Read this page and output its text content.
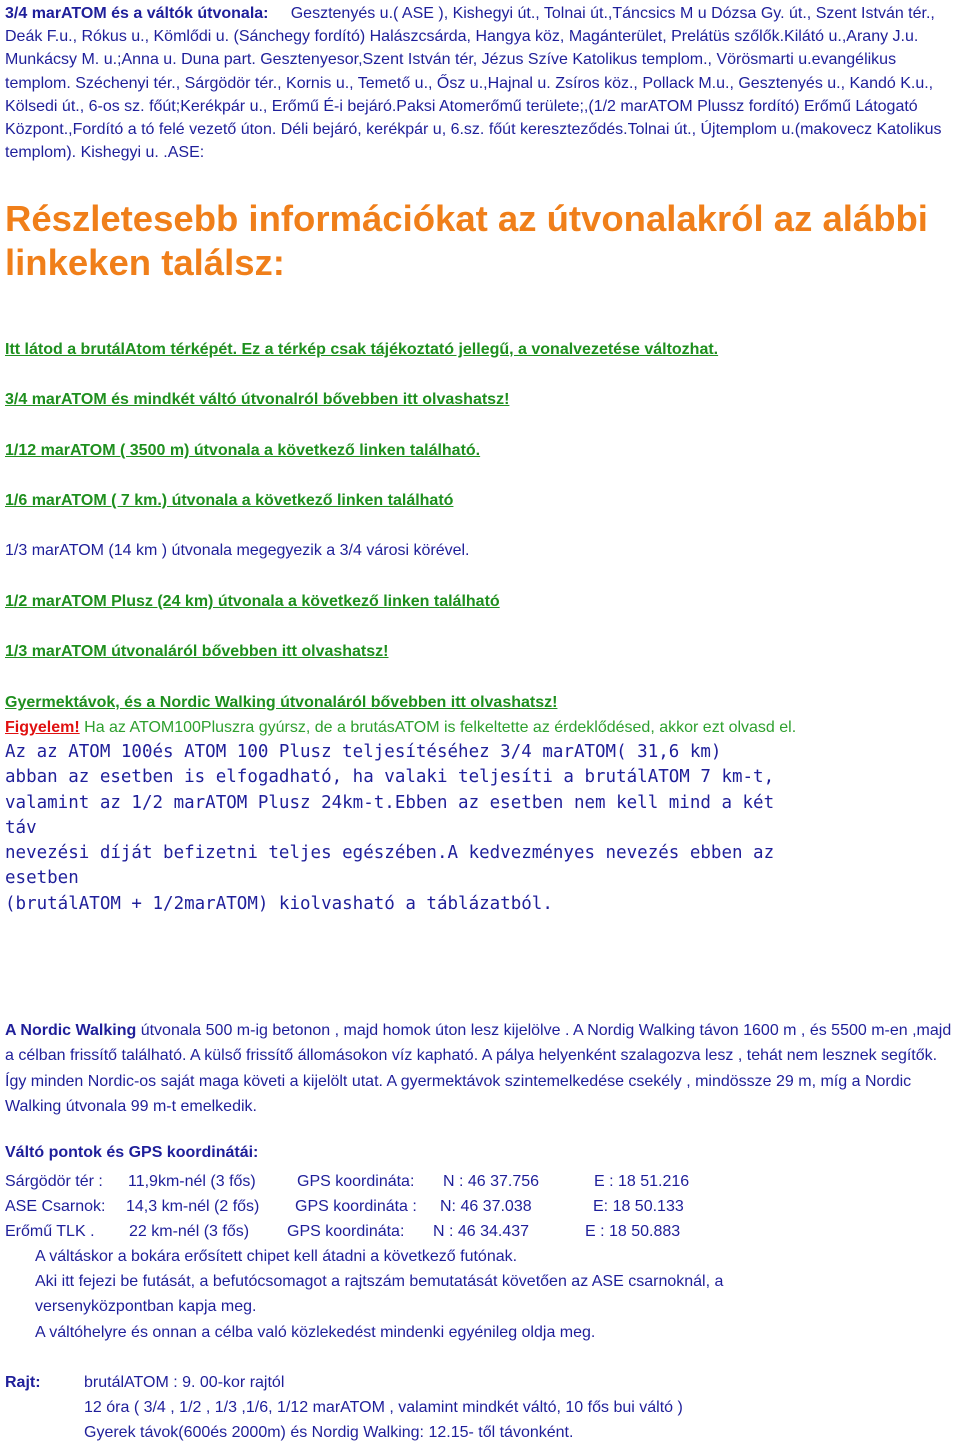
3/4 marATOM és a váltók útvonala: Gesztenyés u.( ASE ), Kishegyi út., Tolnai út.,Táncsics M u Dózsa Gy. út., Szent István tér., Deák F.u., Rókus u., Kömlődi u. (Sánchegy fordító) Halászcsárda, Hangya köz, Magánterület, Prelátüs szőlők.Kilátó u.,Arany J.u. Munkácsy M. u.;Anna u. Duna part. Gesztenyesor,Szent István tér, Jézus Szíve Katolikus templom., Vörösmarti u.evangélikus templom. Széchenyi tér., Sárgödör tér., Kornis u., Temető u., Ősz u.,Hajnal u. Zsíros köz., Pollack M.u., Gesztenyés u., Kandó K.u., Kölsedi út., 6-os sz. főút;Kerékpár u., Erőmű É-i bejáró.Paksi Atomerőmű területe;,(1/2 marATOM Plussz fordító) Erőmű Látogató Központ.,Fordító a tó felé vezető úton. Déli bejáró, kerékpár u, 6.sz. főút kereszteződés.Tolnai út., Újtemplom u.(makovecz Katolikus templom). Kishegyi u. .ASE:
Részletesebb információkat az útvonalakról az alábbi linkeken találsz:
Itt látod a brutálAtom térképét. Ez a térkép csak tájékoztató jellegű, a vonalvezetése változhat.
3/4 marATOM és mindkét váltó útvonalról bővebben itt olvashatsz!
1/12 marATOM ( 3500 m) útvonala a következő linken található.
1/6 marATOM ( 7 km.) útvonala a következő linken található
1/3 marATOM (14 km ) útvonala megegyezik a 3/4 városi körével.
1/2 marATOM Plusz (24 km) útvonala a következő linken található
1/3 marATOM útvonaláról bővebben itt olvashatsz!
Gyermektávok, és a Nordic Walking útvonaláról bővebben itt olvashatsz!
Figyelem! Ha az ATOM100Pluszra gyúrsz, de a brutásATOM is felkeltette az érdeklődésed, akkor ezt olvasd el.
Az az ATOM 100és ATOM 100 Plusz teljesítéséhez 3/4 marATOM( 31,6 km)
abban az esetben is elfogadható, ha valaki teljesíti a brutálATOM 7 km-t,
valamint az 1/2 marATOM Plusz 24km-t.Ebben az esetben nem kell mind a két
táv
nevezési díját befizetni teljes egészében.A kedvezményes nevezés ebben az
esetben
(brutálATOM + 1/2marATOM) kiolvasható a táblázatból.
A Nordic Walking útvonala 500 m-ig betonon , majd homok úton lesz kijelölve . A Nordig Walking távon 1600 m , és 5500 m-en ,majd a célban frissítő található. A külső frissítő állomásokon víz kapható. A pálya helyenként szalagozva lesz , tehát nem lesznek segítők. Így minden Nordic-os saját maga követi a kijelölt utat. A gyermektávok szintemelkedése csekély , mindössze 29 m, míg a Nordic Walking útvonala 99 m-t emelkedik.
Váltó pontok és GPS koordinátái:
Sárgödör tér : 11,9km-nél (3 fős)	GPS koordináta: N : 46 37.756	E : 18 51.216
ASE Csarnok: 14,3 km-nél (2 fős) GPS koordináta : N: 46 37.038	E: 18 50.133
Erőmű TLK . 22 km-nél (3 fős) GPS koordináta: N : 46 34.437	E : 18 50.883
A váltáskor a bokára erősített chipet kell átadni a következő futónak.
Aki itt fejezi be futását, a befutócsomagot a rajtszám bemutatását követően az ASE csarnoknál, a versenyközpontban kapja meg.
A váltóhelyre és onnan a célba való közlekedést mindenki egyénileg oldja meg.
Rajt:	brutálATOM : 9. 00-kor rajtól
12 óra ( 3/4 , 1/2 , 1/3 ,1/6, 1/12 marATOM , valamint mindkét váltó, 10 fős bui váltó )
Gyerek távok(600és 2000m) és Nordig Walking: 12.15- től távonként.
